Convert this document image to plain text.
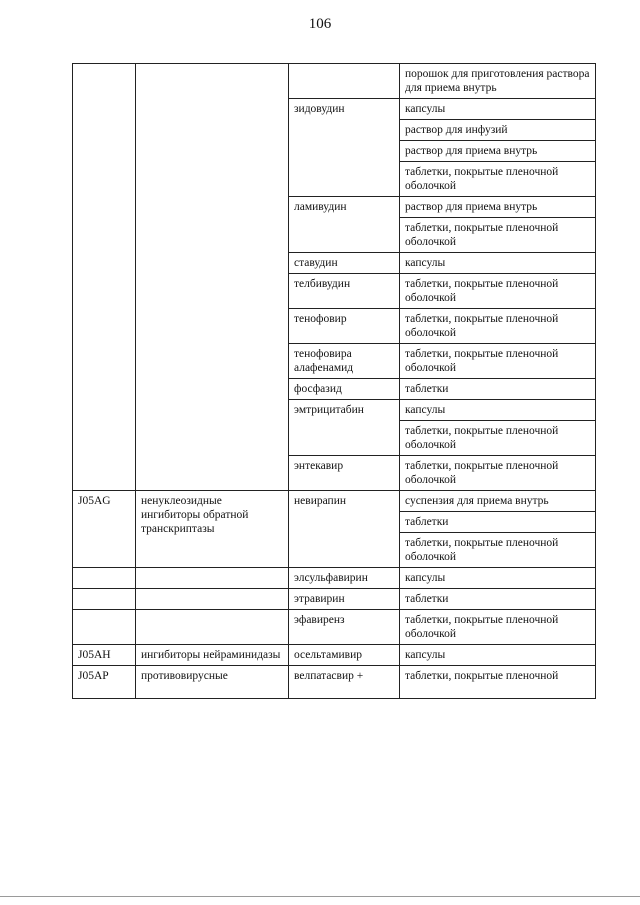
106
			порошок для приготовления раствора для приема внутрь
		зидовудин	капсулы
			раствор для инфузий
			раствор для приема внутрь
			таблетки, покрытые пленочной оболочкой
		ламивудин	раствор для приема внутрь
			таблетки, покрытые пленочной оболочкой
		ставудин	капсулы
		телбивудин	таблетки, покрытые пленочной оболочкой
		тенофовир	таблетки, покрытые пленочной оболочкой
		тенофовира алафенамид	таблетки, покрытые пленочной оболочкой
		фосфазид	таблетки
		эмтрицитабин	капсулы
			таблетки, покрытые пленочной оболочкой
		энтекавир	таблетки, покрытые пленочной оболочкой
J05AG	ненуклеозидные ингибиторы обратной транскриптазы	невирапин	суспензия для приема внутрь
			таблетки
			таблетки, покрытые пленочной оболочкой
		элсульфавирин	капсулы
		этравирин	таблетки
		эфавиренз	таблетки, покрытые пленочной оболочкой
J05AH	ингибиторы нейраминидазы	осельтамивир	капсулы
J05AP	противовирусные	велпатасвир +	таблетки, покрытые пленочной
